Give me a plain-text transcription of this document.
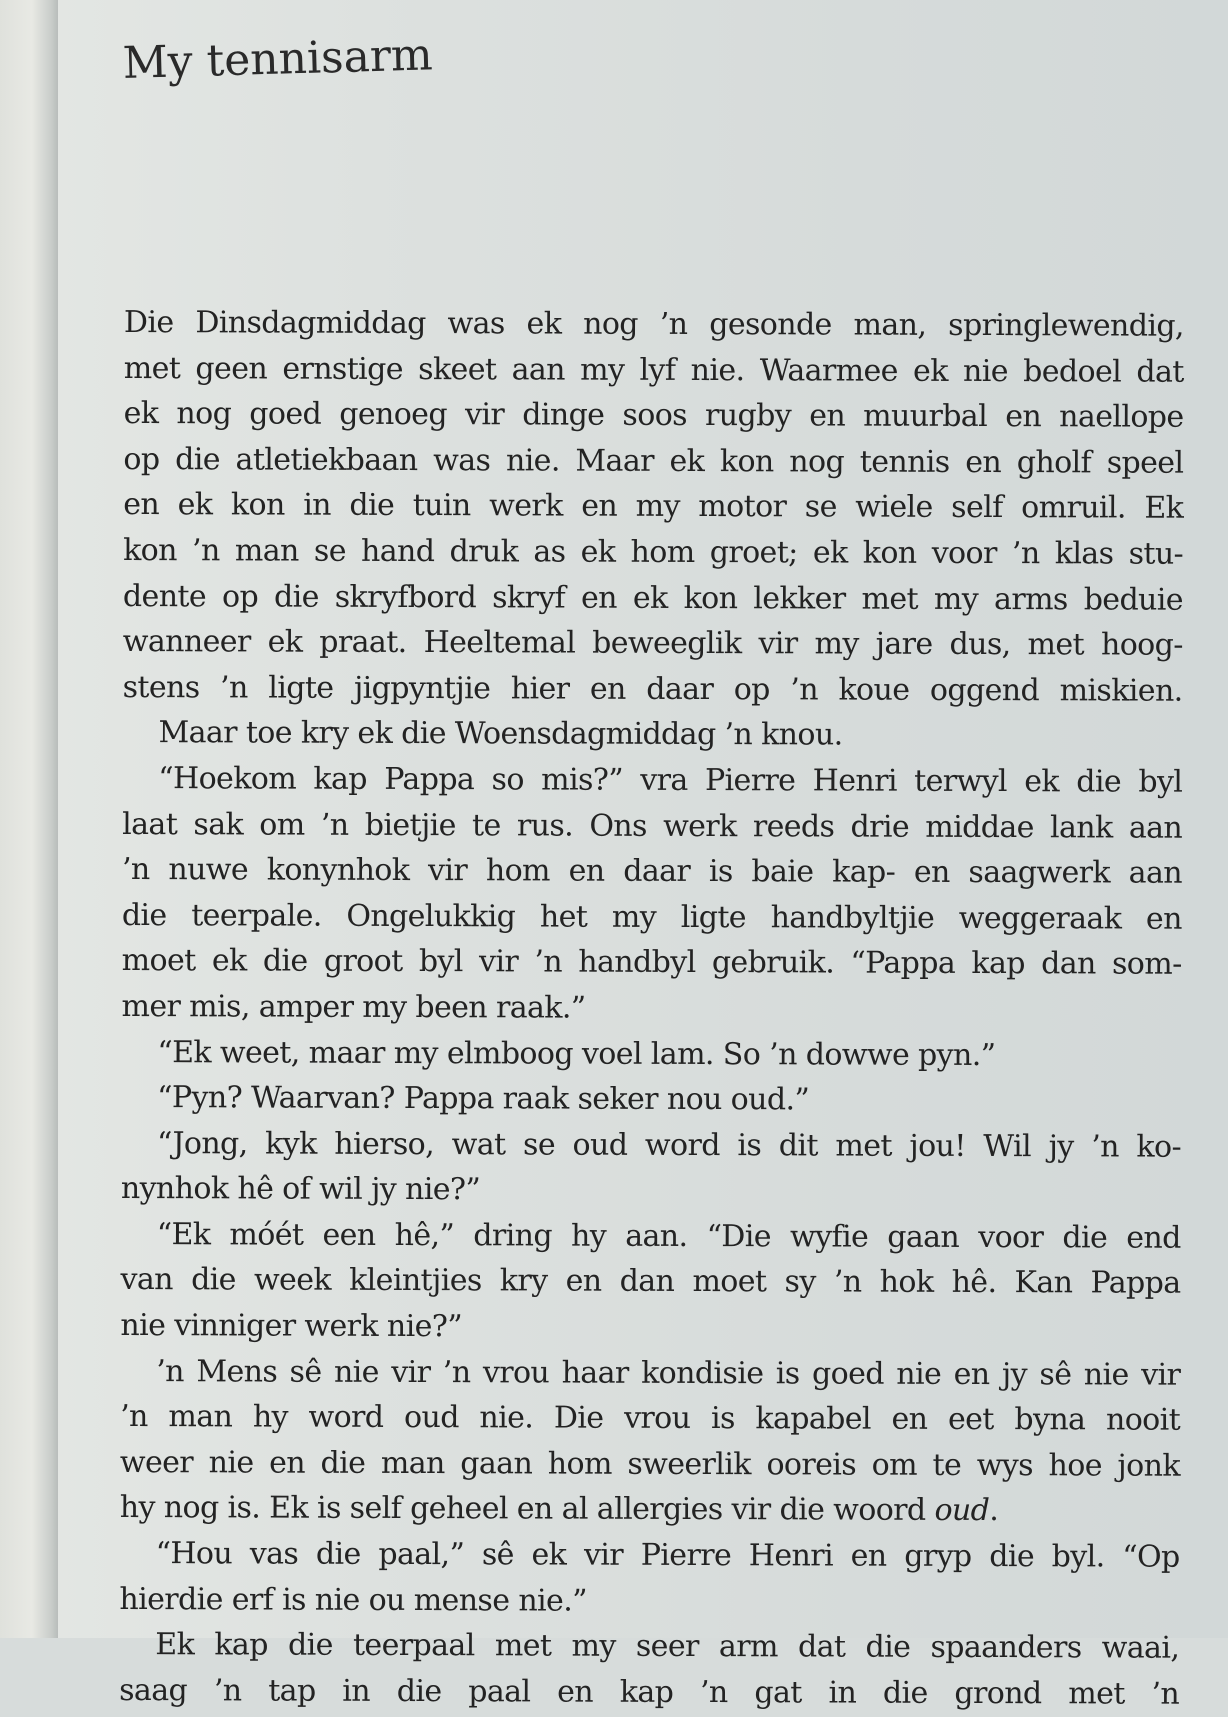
My tennisarm
Die Dinsdagmiddag was ek nog ’n gesonde man, springlewendig,
met geen ernstige skeet aan my lyf nie. Waarmee ek nie bedoel dat
ek nog goed genoeg vir dinge soos rugby en muurbal en naellope
op die atletiekbaan was nie. Maar ek kon nog tennis en gholf speel
en ek kon in die tuin werk en my motor se wiele self omruil. Ek
kon ’n man se hand druk as ek hom groet; ek kon voor ’n klas stu-
dente op die skryfbord skryf en ek kon lekker met my arms beduie
wanneer ek praat. Heeltemal beweeglik vir my jare dus, met hoog-
stens ’n ligte jigpyntjie hier en daar op ’n koue oggend miskien.
Maar toe kry ek die Woensdagmiddag ’n knou.
“Hoekom kap Pappa so mis?” vra Pierre Henri terwyl ek die byl
laat sak om ’n bietjie te rus. Ons werk reeds drie middae lank aan
’n nuwe konynhok vir hom en daar is baie kap- en saagwerk aan
die teerpale. Ongelukkig het my ligte handbyltjie weggeraak en
moet ek die groot byl vir ’n handbyl gebruik. “Pappa kap dan som-
mer mis, amper my been raak.”
“Ek weet, maar my elmboog voel lam. So ’n dowwe pyn.”
“Pyn? Waarvan? Pappa raak seker nou oud.”
“Jong, kyk hierso, wat se oud word is dit met jou! Wil jy ’n ko-
nynhok hê of wil jy nie?”
“Ek móét een hê,” dring hy aan. “Die wyfie gaan voor die end
van die week kleintjies kry en dan moet sy ’n hok hê. Kan Pappa
nie vinniger werk nie?”
’n Mens sê nie vir ’n vrou haar kondisie is goed nie en jy sê nie vir
’n man hy word oud nie. Die vrou is kapabel en eet byna nooit
weer nie en die man gaan hom sweerlik ooreis om te wys hoe jonk
hy nog is. Ek is self geheel en al allergies vir die woord oud.
“Hou vas die paal,” sê ek vir Pierre Henri en gryp die byl. “Op
hierdie erf is nie ou mense nie.”
Ek kap die teerpaal met my seer arm dat die spaanders waai,
saag ’n tap in die paal en kap ’n gat in die grond met ’n
